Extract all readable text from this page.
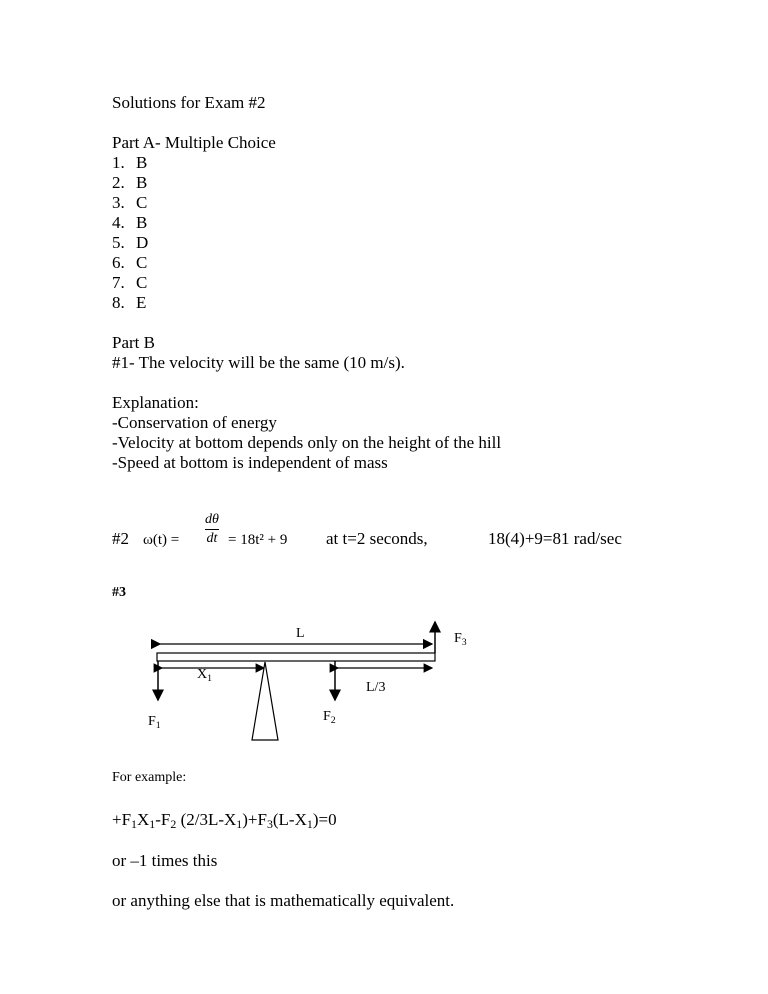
Solutions for Exam #2
Part A- Multiple Choice
1. B
2. B
3. C
4. B
5. D
6. C
7. C
8. E
Part B
#1- The velocity will be the same (10 m/s).
Explanation:
-Conservation of energy
-Velocity at bottom depends only on the height of the hill
-Speed at bottom is independent of mass
#2 ω(t) =
dθ
dt = 18t² + 9 at t=2 seconds,	18(4)+9=81 rad/sec
#3
L	$F_3$
$X_1$
L/3
$F_1$
$F_2$
For example:
$+F_1X_1-F_2$ $(2/3L-X_1)+F_3(L-X_1)=0$
or –1 times this
or anything else that is mathematically equivalent.
